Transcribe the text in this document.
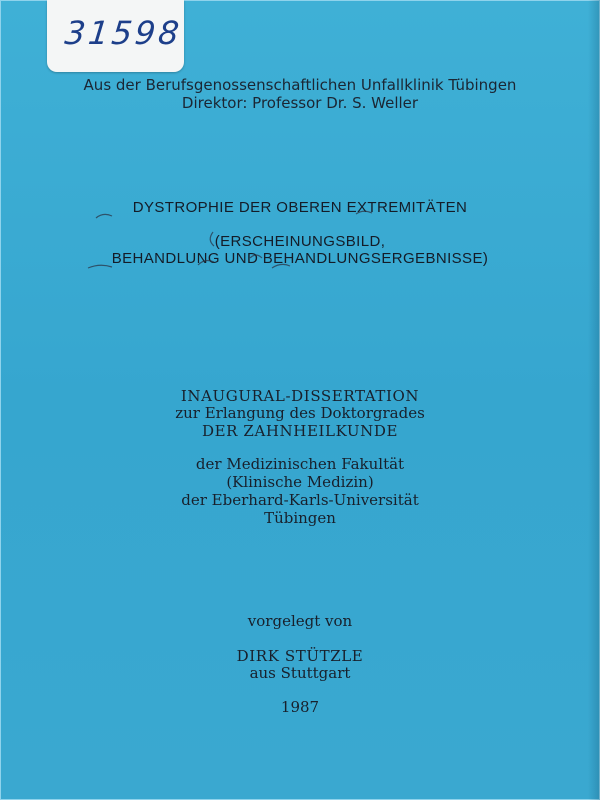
31598
Aus der Berufsgenossenschaftlichen Unfallklinik Tübingen
Direktor: Professor Dr. S. Weller
DYSTROPHIE DER OBEREN EXTREMITÄTEN
(ERSCHEINUNGSBILD,
BEHANDLUNG UND BEHANDLUNGSERGEBNISSE)
INAUGURAL-DISSERTATION
zur Erlangung des Doktorgrades
DER ZAHNHEILKUNDE
der Medizinischen Fakultät
(Klinische Medizin)
der Eberhard-Karls-Universität
Tübingen
vorgelegt von
DIRK STÜTZLE
aus Stuttgart
1987
